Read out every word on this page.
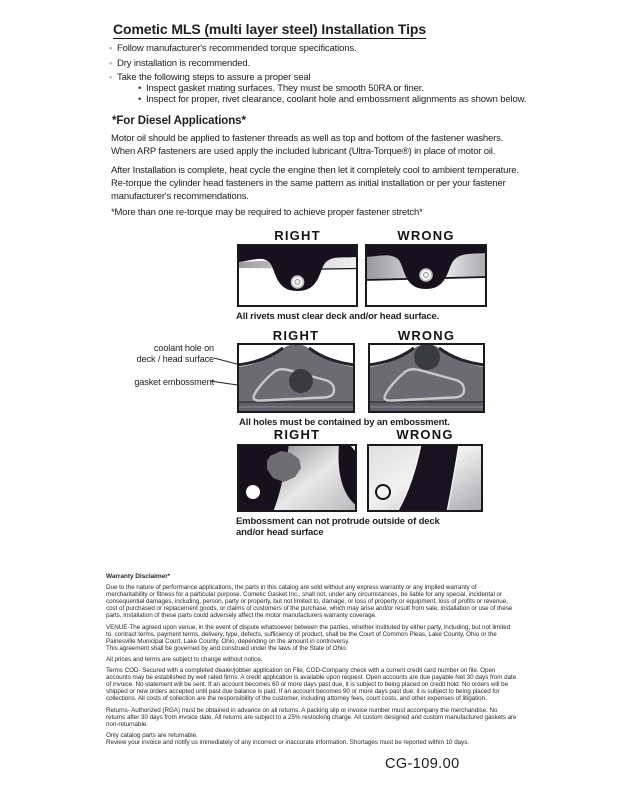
Cometic MLS (multi layer steel) Installation Tips
◦ Follow manufacturer's recommended torque specifications.
◦ Dry installation is recommended.
◦ Take the following steps to assure a proper seal
• Inspect gasket mating surfaces. They must be smooth 50RA or finer.
• Inspect for proper, rivet clearance, coolant hole and embossment alignments as shown below.
*For Diesel Applications*
Motor oil should be applied to fastener threads as well as top and bottom of the fastener washers. When ARP fasteners are used apply the included lubricant (Ultra-Torque®) in place of motor oil.
After Installation is complete, heat cycle the engine then let it completely cool to ambient temperature. Re-torque the cylinder head fasteners in the same pattern as initial installation or per your fastener manufacturer's recommendations.
*More than one re-torque may be required to achieve proper fastener stretch*
RIGHT	WRONG
All rivets must clear deck and/or head surface.
RIGHT	WRONG
coolant hole on
deck / head surface
gasket embossment
All holes must be contained by an embossment.
RIGHT	WRONG
Embossment can not protrude outside of deck
and/or head surface
Warranty Disclaimer*

Due to the nature of performance applications, the parts in this catalog are sold without any express warranty or any implied warranty of merchantability or fitness for a particular purpose. Cometic Gasket Inc., shall not, under any circumstances, be liable for any special, incidental or consequential damages, including, person, party or property, but not limited to, damage, or loss of property or equipment, loss of profits or revenue, cost of purchased or replacement goods, or claims of customers of the purchase, which may arise and/or result from sale, installation or use of these parts. Installation of these parts could adversely affect the motor manufacturers warranty coverage.

VENUE-The agreed upon venue, in the event of dispute whatsoever between the parties, whether instituted by either party, including, but not limited to, contract terms, payment terms, delivery, type, defects, sufficiency of product, shall be the Court of Common Pleas, Lake County, Ohio or the Painesville Municipal Court, Lake County, Ohio, depending on the amount in controversy.

This agreement shall be governed by and construed under the laws of the State of Ohio.

All prices and terms are subject to change without notice.

Terms COD- Secured with a completed dealer/jobber application on File, COD-Company check with a current credit card number on file. Open accounts may be established by well rated firms. A credit application is available upon request. Open accounts are due payable Net 30 days from date of invoice. No statement will be sent. If an account becomes 60 or more days past due, it is subject to being placed on credit hold. No orders will be shipped or new orders accepted until past due balance is paid. If an account becomes 90 or more days past due, it is subject to being placed for collections. All costs of collection are the responsibility of the customer, including attorney fees, court costs, and other expenses of litigation.

Returns- Authorized (RGA) must be obtained in advance on all returns. A packing slip or invoice number must accompany the merchandise. No returns after 30 days from invoice date. All returns are subject to a 25% restocking charge. All custom designed and custom manufactured gaskets are non-returnable.

Only catalog parts are returnable.

Review your invoice and notify us immediately of any incorrect or inaccurate information. Shortages must be reported within 10 days.

CG-109.00
